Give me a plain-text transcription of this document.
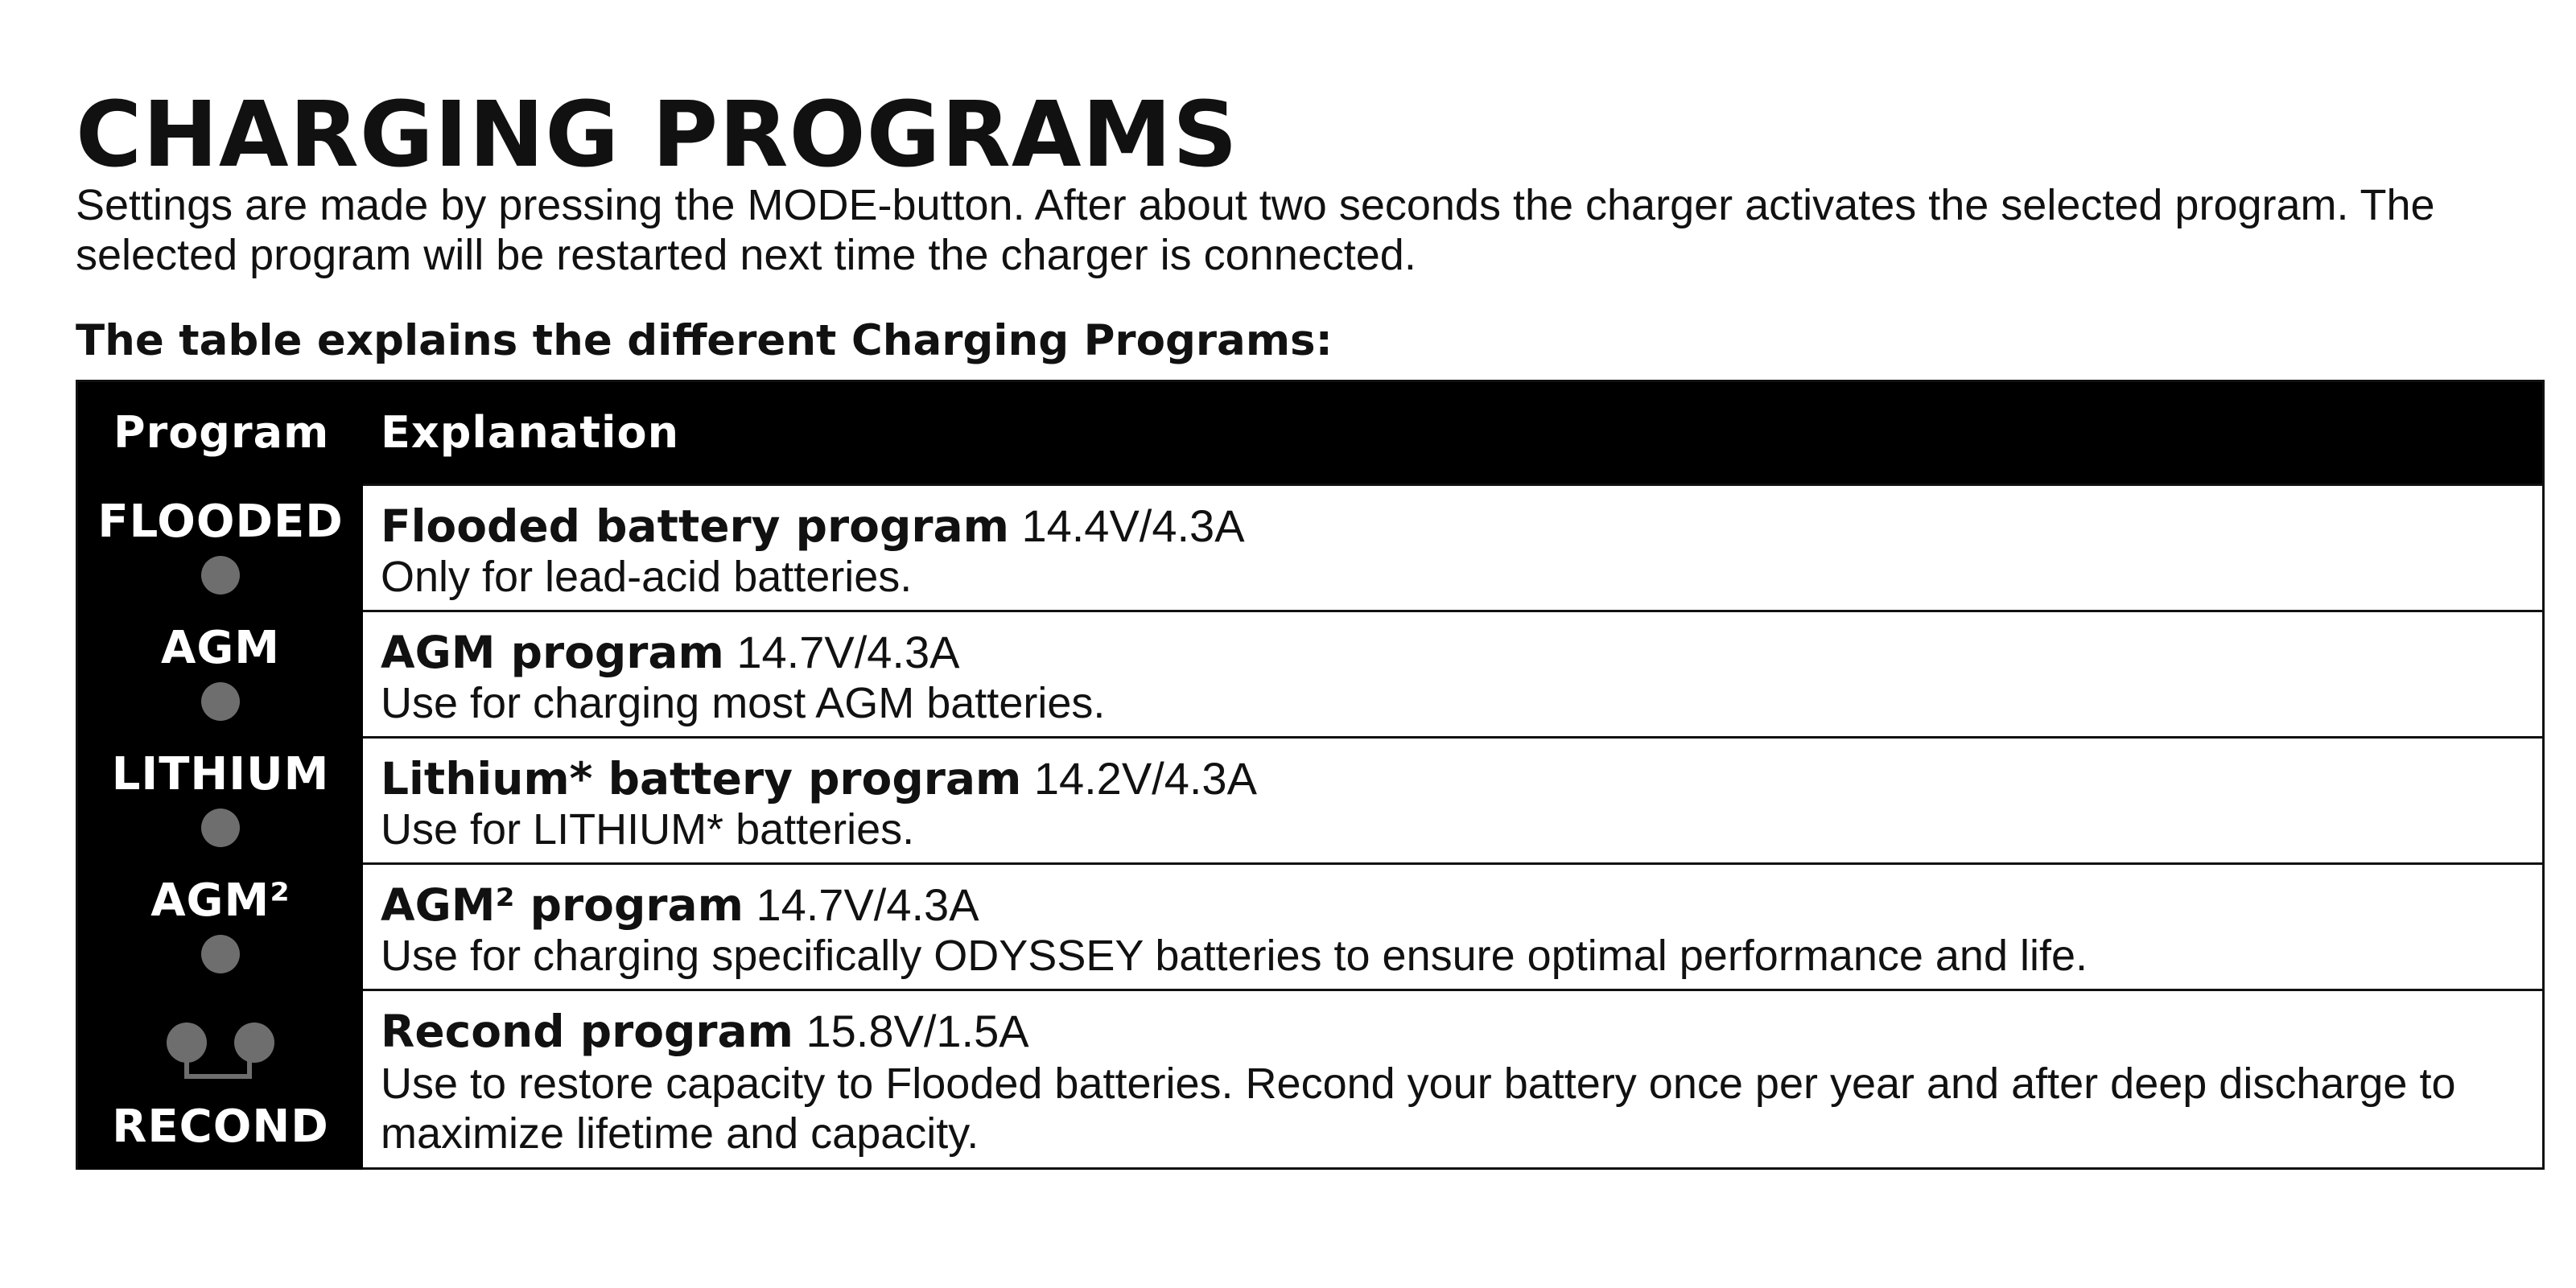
CHARGING PROGRAMS

Settings are made by pressing the MODE-button. After about two seconds the charger activates the selected program. The selected program will be restarted next time the charger is connected.

The table explains the different Charging Programs:

Program Explanation
FLOODED
AGM
LITHIUM
AGM²
RECOND
Flooded battery program 14.4V/4.3A
Only for lead-acid batteries.
AGM program 14.7V/4.3A
Use for charging most AGM batteries.
Lithium* battery program 14.2V/4.3A
Use for LITHIUM* batteries.
AGM² program 14.7V/4.3A
Use for charging specifically ODYSSEY batteries to ensure optimal performance and life.
Recond program 15.8V/1.5A
Use to restore capacity to Flooded batteries. Recond your battery once per year and after deep discharge to maximize lifetime and capacity.
